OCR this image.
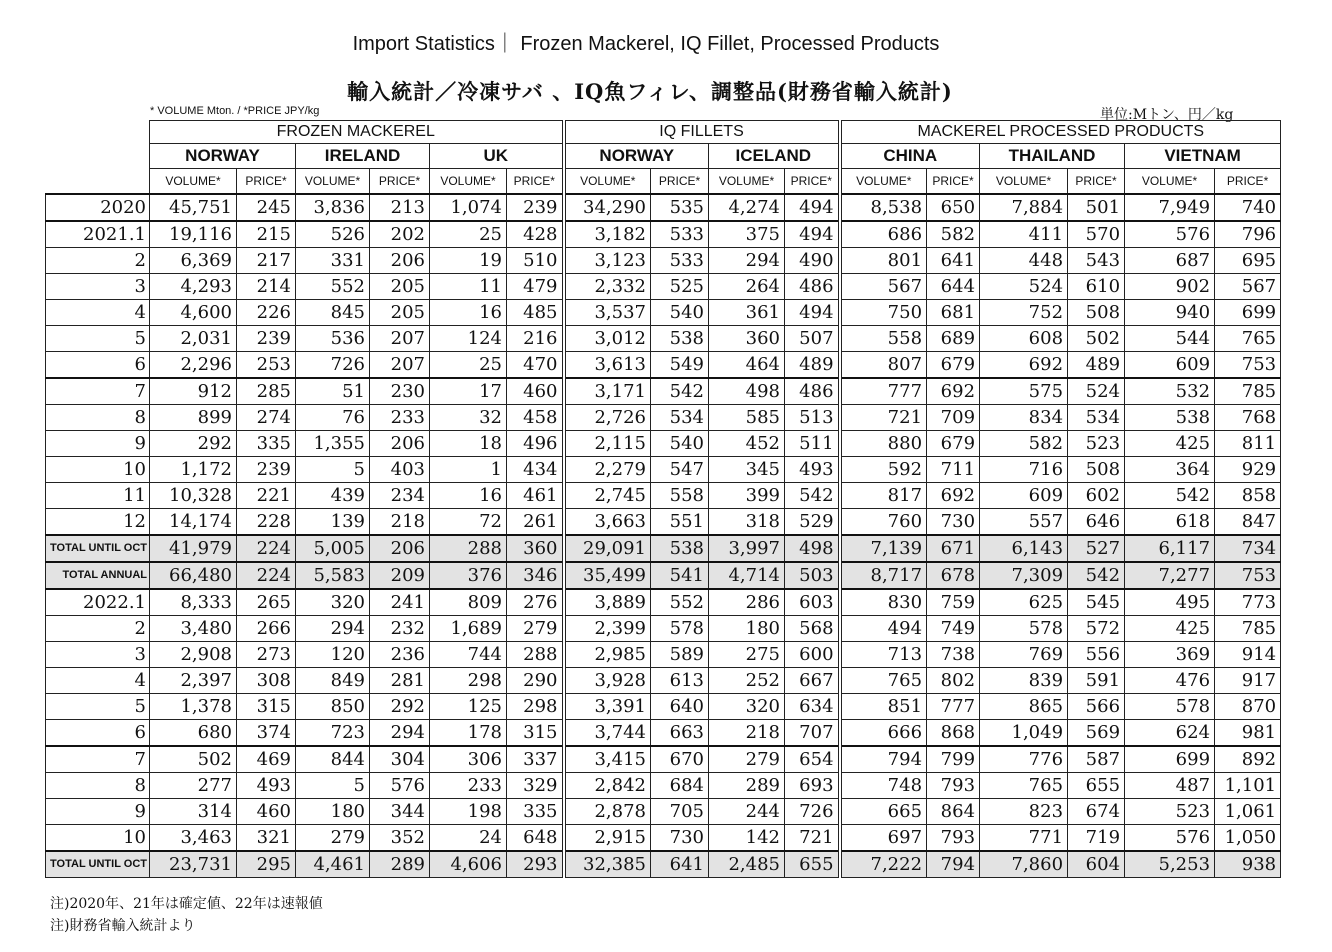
Import Statistics｜ Frozen Mackerel, IQ Fillet, Processed Products
輸入統計／冷凍サバ 、IQ魚フィレ、調整品(財務省輸入統計)
* VOLUME Mton. / *PRICE JPY/kg	単位:Mトン、円／kg
	FROZEN MACKEREL						IQ FILLETS				MACKEREL PROCESSED PRODUCTS					
	NORWAY		IRELAND		UK		NORWAY		ICELAND		CHINA		THAILAND		VIETNAM	
	VOLUME*	PRICE*	VOLUME*	PRICE*	VOLUME*	PRICE*	VOLUME*	PRICE*	VOLUME*	PRICE*	VOLUME*	PRICE*	VOLUME*	PRICE*	VOLUME*	PRICE*
2020	45,751	245	3,836	213	1,074	239	34,290	535	4,274	494	8,538	650	7,884	501	7,949	740
2021.1	19,116	215	526	202	25	428	3,182	533	375	494	686	582	411	570	576	796
2	6,369	217	331	206	19	510	3,123	533	294	490	801	641	448	543	687	695
3	4,293	214	552	205	11	479	2,332	525	264	486	567	644	524	610	902	567
4	4,600	226	845	205	16	485	3,537	540	361	494	750	681	752	508	940	699
5	2,031	239	536	207	124	216	3,012	538	360	507	558	689	608	502	544	765
6	2,296	253	726	207	25	470	3,613	549	464	489	807	679	692	489	609	753
7	912	285	51	230	17	460	3,171	542	498	486	777	692	575	524	532	785
8	899	274	76	233	32	458	2,726	534	585	513	721	709	834	534	538	768
9	292	335	1,355	206	18	496	2,115	540	452	511	880	679	582	523	425	811
10	1,172	239	5	403	1	434	2,279	547	345	493	592	711	716	508	364	929
11	10,328	221	439	234	16	461	2,745	558	399	542	817	692	609	602	542	858
12	14,174	228	139	218	72	261	3,663	551	318	529	760	730	557	646	618	847
TOTAL UNTIL OCT	41,979	224	5,005	206	288	360	29,091	538	3,997	498	7,139	671	6,143	527	6,117	734
TOTAL ANNUAL	66,480	224	5,583	209	376	346	35,499	541	4,714	503	8,717	678	7,309	542	7,277	753
2022.1	8,333	265	320	241	809	276	3,889	552	286	603	830	759	625	545	495	773
2	3,480	266	294	232	1,689	279	2,399	578	180	568	494	749	578	572	425	785
3	2,908	273	120	236	744	288	2,985	589	275	600	713	738	769	556	369	914
4	2,397	308	849	281	298	290	3,928	613	252	667	765	802	839	591	476	917
5	1,378	315	850	292	125	298	3,391	640	320	634	851	777	865	566	578	870
6	680	374	723	294	178	315	3,744	663	218	707	666	868	1,049	569	624	981
7	502	469	844	304	306	337	3,415	670	279	654	794	799	776	587	699	892
8	277	493	5	576	233	329	2,842	684	289	693	748	793	765	655	487	1,101
9	314	460	180	344	198	335	2,878	705	244	726	665	864	823	674	523	1,061
10	3,463	321	279	352	24	648	2,915	730	142	721	697	793	771	719	576	1,050
TOTAL UNTIL OCT	23,731	295	4,461	289	4,606	293	32,385	641	2,485	655	7,222	794	7,860	604	5,253	938
注)2020年、21年は確定値、22年は速報値
注)財務省輸入統計より
